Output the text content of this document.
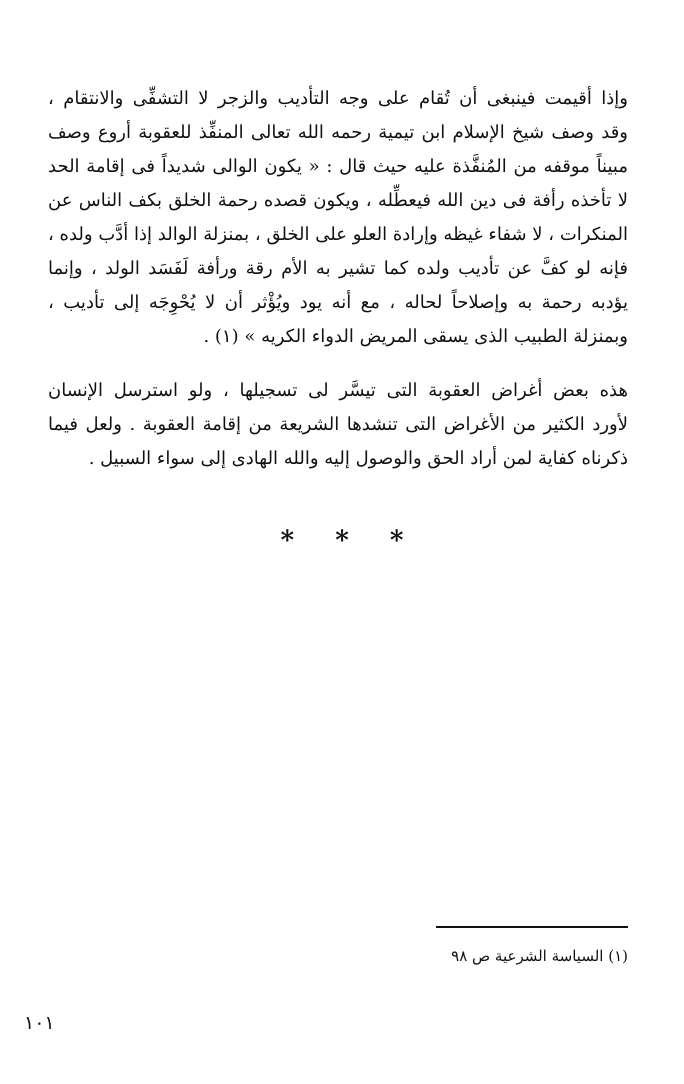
وإذا أقيمت فينبغى أن تُقام على وجه التأديب والزجر لا التشفِّى والانتقام ،
وقد وصف شيخ الإسلام ابن تيمية رحمه الله تعالى المنفِّذ للعقوبة أروع وصف
مبيناً موقفه من المُنفَّذة عليه حيث قال : « يكون الوالى شديداً فى إقامة الحد
لا تأخذه رأفة فى دين الله فيعطِّله ، ويكون قصده رحمة الخلق بكف الناس عن
المنكرات ، لا شفاء غيظه وإرادة العلو على الخلق ، بمنزلة الوالد إذا أدَّب ولده ،
فإنه لو كفَّ عن تأديب ولده كما تشير به الأم رقة ورأفة لَفَسَد الولد ، وإنما
يؤدبه رحمة به وإصلاحاً لحاله ، مع أنه يود ويُؤْثر أن لا يُحْوِجَه إلى تأديب ،
وبمنزلة الطبيب الذى يسقى المريض الدواء الكريه » (١) .
هذه بعض أغراض العقوبة التى تيسَّر لى تسجيلها ، ولو استرسل الإنسان
لأورد الكثير من الأغراض التى تنشدها الشريعة من إقامة العقوبة . ولعل فيما
ذكرناه كفاية لمن أراد الحق والوصول إليه والله الهادى إلى سواء السبيل .
* * *
(١) السياسة الشرعية ص ٩٨
١٠١
